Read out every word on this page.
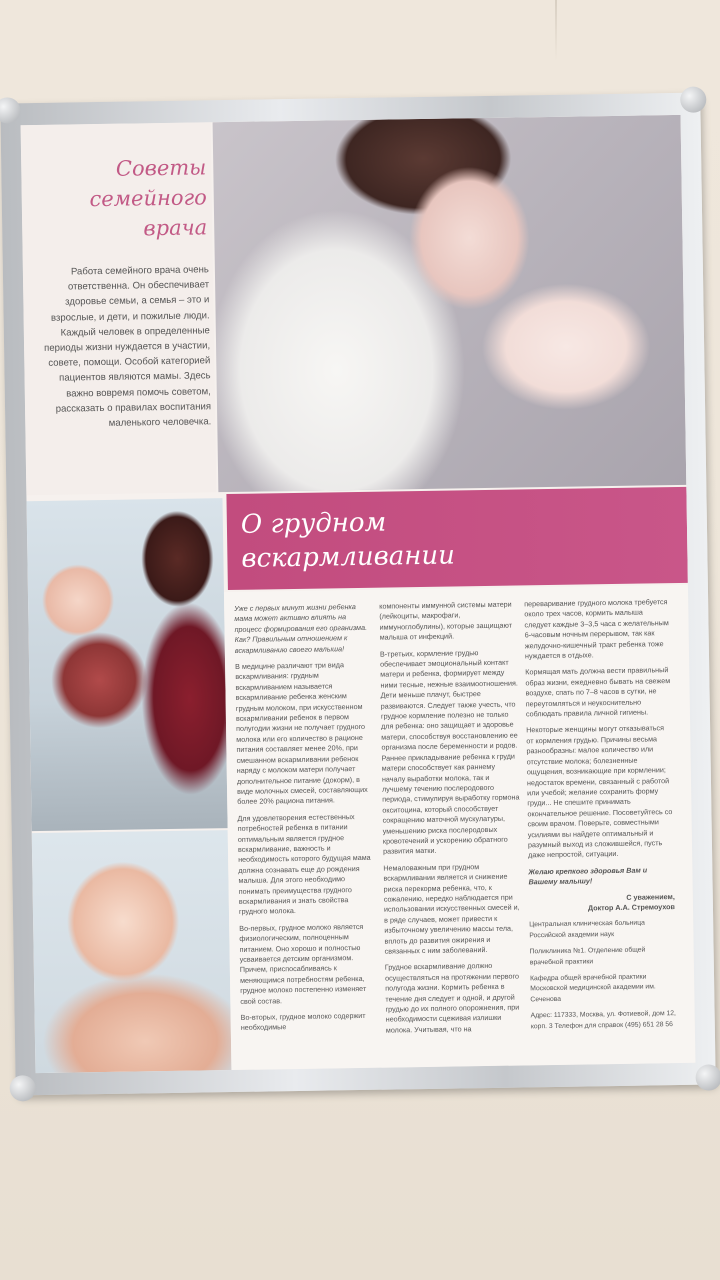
Советы
семейного
врача
Работа семейного врача очень ответственна. Он обеспечивает здоровье семьи, а семья – это и взрослые, и дети, и пожилые люди. Каждый человек в определенные периоды жизни нуждается в участии, совете, помощи. Особой категорией пациентов являются мамы. Здесь важно вовремя помочь советом, рассказать о правилах воспитания маленького человечка.
О грудном
вскармливании

Уже с первых минут жизни ребенка мама может активно влиять на процесс формирования его организма. Как? Правильным отношением к вскармливанию своего малыша!

В медицине различают три вида вскармливания: грудным вскармливанием называется вскармливание ребенка женским грудным молоком, при искусственном вскармливании ребенок в первом полугодии жизни не получает грудного молока или его количество в рационе питания составляет менее 20%, при смешанном вскармливании ребенок наряду с молоком матери получает дополнительное питание (докорм), в виде молочных смесей, составляющих более 20% рациона питания.

Для удовлетворения естественных потребностей ребенка в питании оптимальным является грудное вскармливание, важность и необходимость которого будущая мама должна сознавать еще до рождения малыша. Для этого необходимо понимать преимущества грудного вскармливания и знать свойства грудного молока.

Во-первых, грудное молоко является физиологическим, полноценным питанием. Оно хорошо и полностью усваивается детским организмом. Причем, приспосабливаясь к меняющимся потребностям ребенка, грудное молоко постепенно изменяет свой состав.

Во-вторых, грудное молоко содержит необходимые

компоненты иммунной системы матери (лейкоциты, макрофаги, иммуноглобулины), которые защищают малыша от инфекций.

В-третьих, кормление грудью обеспечивает эмоциональный контакт матери и ребенка, формирует между ними тесные, нежные взаимоотношения. Дети меньше плачут, быстрее развиваются. Следует также учесть, что грудное кормление полезно не только для ребенка: оно защищает и здоровье матери, способствуя восстановлению ее организма после беременности и родов. Раннее прикладывание ребенка к груди матери способствует как раннему началу выработки молока, так и лучшему течению послеродового периода, стимулируя выработку гормона окситоцина, который способствует сокращению маточной мускулатуры, уменьшению риска послеродовых кровотечений и ускорению обратного развития матки.

Немаловажным при грудном вскармливании является и снижение риска перекорма ребенка, что, к сожалению, нередко наблюдается при использовании искусственных смесей и, в ряде случаев, может привести к избыточному увеличению массы тела, вплоть до развития ожирения и связанных с ним заболеваний.

Грудное вскармливание должно осуществляться на протяжении первого полугода жизни. Кормить ребенка в течение дня следует и одной, и другой грудью до их полного опорожнения, при необходимости сцеживая излишки молока. Учитывая, что на

переваривание грудного молока требуется около трех часов, кормить малыша следует каждые 3–3,5 часа с желательным 6-часовым ночным перерывом, так как желудочно-кишечный тракт ребенка тоже нуждается в отдыхе.

Кормящая мать должна вести правильный образ жизни, ежедневно бывать на свежем воздухе, спать по 7–8 часов в сутки, не переутомляться и неукоснительно соблюдать правила личной гигиены.

Некоторые женщины могут отказываться от кормления грудью. Причины весьма разнообразны: малое количество или отсутствие молока; болезненные ощущения, возникающие при кормлении; недостаток времени, связанный с работой или учебой; желание сохранить форму груди... Не спешите принимать окончательное решение. Посоветуйтесь со своим врачом. Поверьте, совместными усилиями вы найдете оптимальный и разумный выход из сложившейся, пусть даже непростой, ситуации.

Желаю крепкого здоровья Вам и Вашему малышу!

С уважением,
Доктор А.А. Стремоухов

Центральная клиническая больница Российской академии наук

Поликлиника №1. Отделение общей врачебной практики

Кафедра общей врачебной практики Московской медицинской академии им. Сеченова

Адрес: 117333, Москва, ул. Фотиевой, дом 12, корп. 3 Телефон для справок (495) 651 28 56
